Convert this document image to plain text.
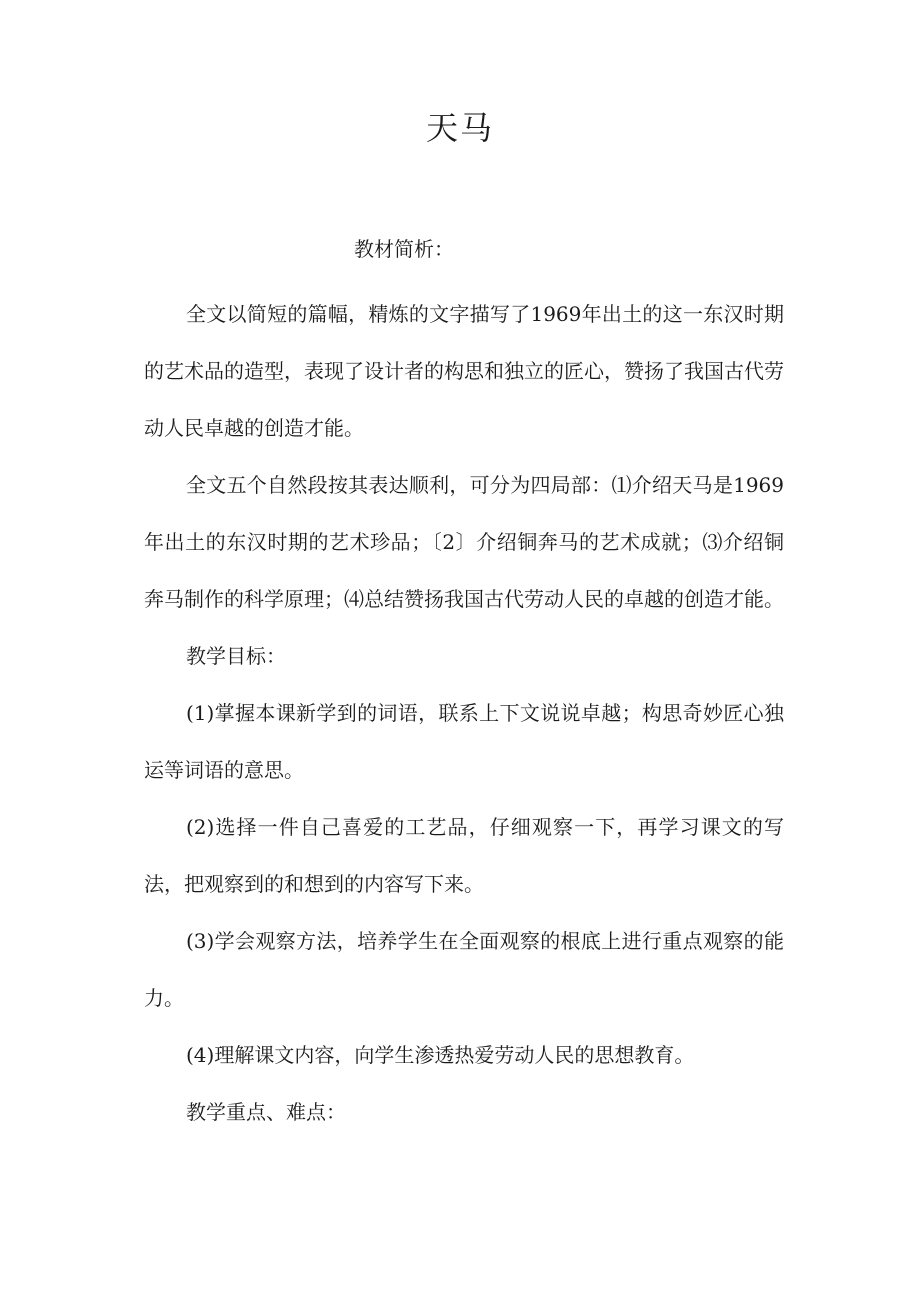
天马
教材简析：

全文以简短的篇幅，精炼的文字描写了1969年出土的这一东汉时期的艺术品的造型，表现了设计者的构思和独立的匠心，赞扬了我国古代劳动人民卓越的创造才能。

全文五个自然段按其表达顺利，可分为四局部：⑴介绍天马是1969年出土的东汉时期的艺术珍品；〔2〕介绍铜奔马的艺术成就；⑶介绍铜奔马制作的科学原理；⑷总结赞扬我国古代劳动人民的卓越的创造才能。

教学目标：

(1)掌握本课新学到的词语，联系上下文说说卓越；构思奇妙匠心独运等词语的意思。

(2)选择一件自己喜爱的工艺品，仔细观察一下，再学习课文的写法，把观察到的和想到的内容写下来。

(3)学会观察方法，培养学生在全面观察的根底上进行重点观察的能力。

(4)理解课文内容，向学生渗透热爱劳动人民的思想教育。

教学重点、难点：
